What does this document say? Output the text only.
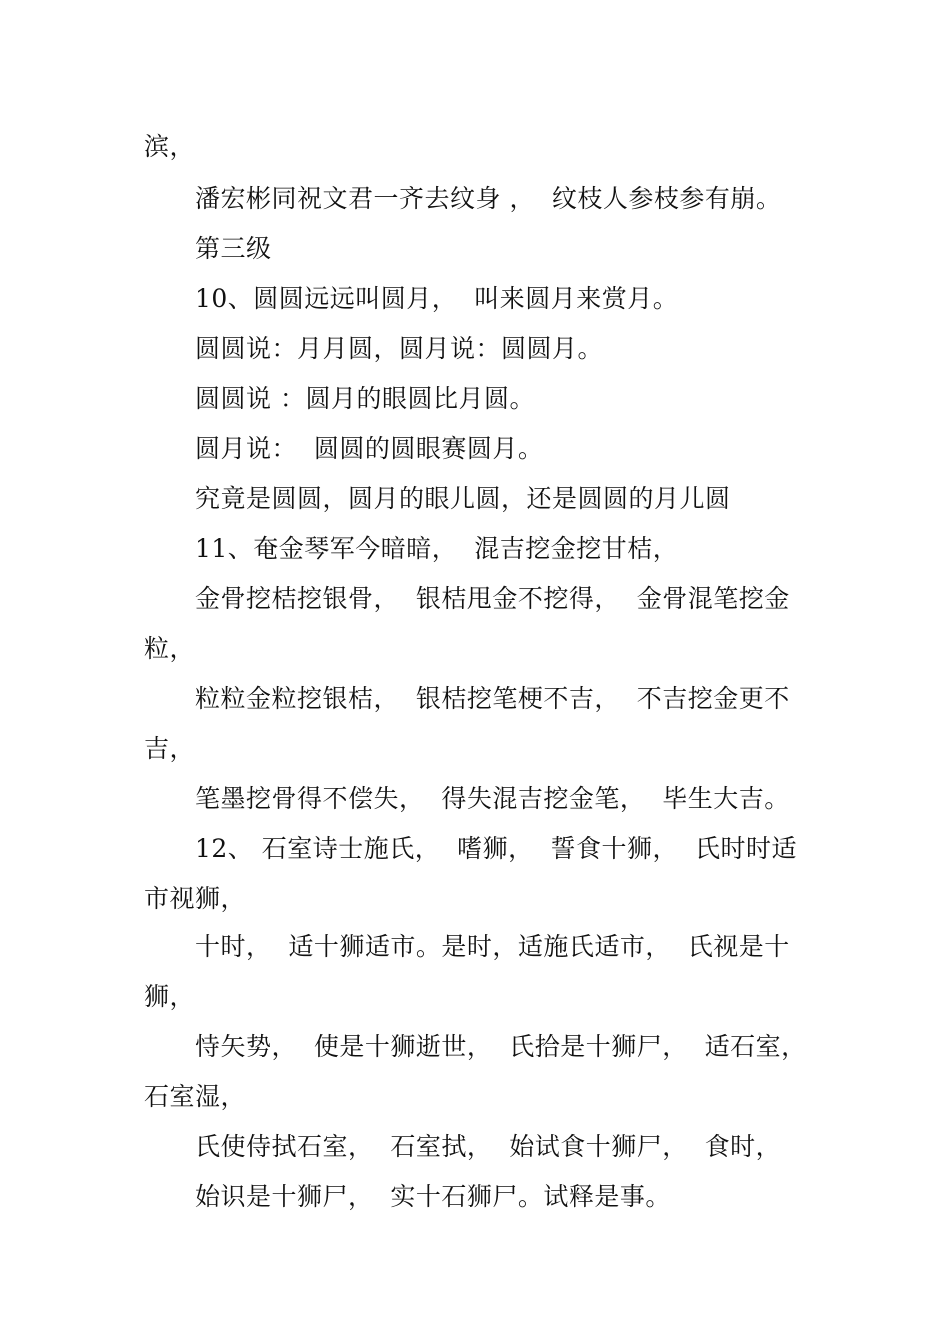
滨，
潘宏彬同祝文君一齐去纹身 ，  纹枝人参枝参有崩。
第三级
10、圆圆远远叫圆月，  叫来圆月来赏月。
圆圆说：月月圆，圆月说：圆圆月。
圆圆说 ：圆月的眼圆比月圆。
圆月说：  圆圆的圆眼赛圆月。
究竟是圆圆，圆月的眼儿圆，还是圆圆的月儿圆
11、奄金琴军今暗暗，  混吉挖金挖甘桔，
金骨挖桔挖银骨，  银桔甩金不挖得，  金骨混笔挖金
粒，
粒粒金粒挖银桔，  银桔挖笔梗不吉，  不吉挖金更不
吉，
笔墨挖骨得不偿失，  得失混吉挖金笔，  毕生大吉。
12、 石室诗士施氏，  嗜狮，  誓食十狮，  氏时时适
市视狮，
十时，  适十狮适市。是时，适施氏适市，  氏视是十
狮，
恃矢势，  使是十狮逝世，  氏拾是十狮尸，  适石室，
石室湿，
氏使侍拭石室，  石室拭，  始试食十狮尸，  食时，
始识是十狮尸，  实十石狮尸。试释是事。
